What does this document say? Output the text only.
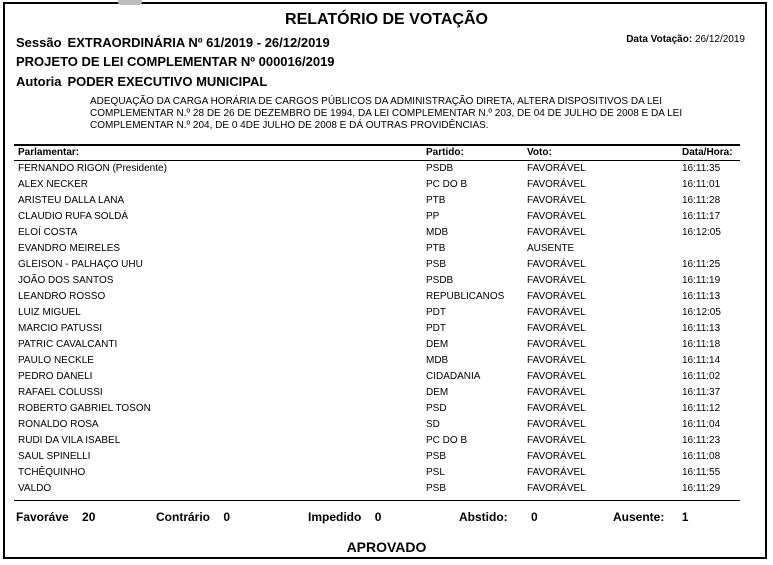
RELATÓRIO DE VOTAÇÃO
Sessão EXTRAORDINÁRIA Nº 61/2019 - 26/12/2019	Data Votação: 26/12/2019
PROJETO DE LEI COMPLEMENTAR Nº 000016/2019
Autoria PODER EXECUTIVO MUNICIPAL
ADEQUAÇÃO DA CARGA HORÁRIA DE CARGOS PÚBLICOS DA ADMINISTRAÇÃO DIRETA, ALTERA DISPOSITIVOS DA LEI
COMPLEMENTAR N.º 28 DE 26 DE DEZEMBRO DE 1994, DA LEI COMPLEMENTAR N.º 203, DE 04 DE JULHO DE 2008 E DA LEI
COMPLEMENTAR N.º 204, DE 0 4DE JULHO DE 2008 E DÁ OUTRAS PROVIDÊNCIAS.
Parlamentar:	Partido:	Voto:	Data/Hora:
FERNANDO RIGON (Presidente)	PSDB	FAVORÁVEL	16:11:35
ALEX NECKER	PC DO B	FAVORÁVEL	16:11:01
ARISTEU DALLA LANA	PTB	FAVORÁVEL	16:11:28
CLAUDIO RUFA SOLDÁ	PP	FAVORÁVEL	16:11:17
ELOÍ COSTA	MDB	FAVORÁVEL	16:12:05
EVANDRO MEIRELES	PTB	AUSENTE
GLEISON - PALHAÇO UHU	PSB	FAVORÁVEL	16:11:25
JOÃO DOS SANTOS	PSDB	FAVORÁVEL	16:11:19
LEANDRO ROSSO	REPUBLICANOS FAVORÁVEL	16:11:13
LUIZ MIGUEL	PDT	FAVORÁVEL	16:12:05
MARCIO PATUSSI	PDT	FAVORÁVEL	16:11:13
PATRIC CAVALCANTI	DEM	FAVORÁVEL	16:11:18
PAULO NECKLE	MDB	FAVORÁVEL	16:11:14
PEDRO DANELI	CIDADANIA	FAVORÁVEL	16:11:02
RAFAEL COLUSSI	DEM	FAVORÁVEL	16:11:37
ROBERTO GABRIEL TOSON	PSD	FAVORÁVEL	16:11:12
RONALDO ROSA	SD	FAVORÁVEL	16:11:04
RUDI DA VILA ISABEL	PC DO B	FAVORÁVEL	16:11:23
SAUL SPINELLI	PSB	FAVORÁVEL	16:11:08
TCHÊQUINHO	PSL	FAVORÁVEL	16:11:55
VALDO	PSB	FAVORÁVEL	16:11:29
Favoráve 20	Contrário 0	Impedido 0	Abstido: 0	Ausente: 1
APROVADO
